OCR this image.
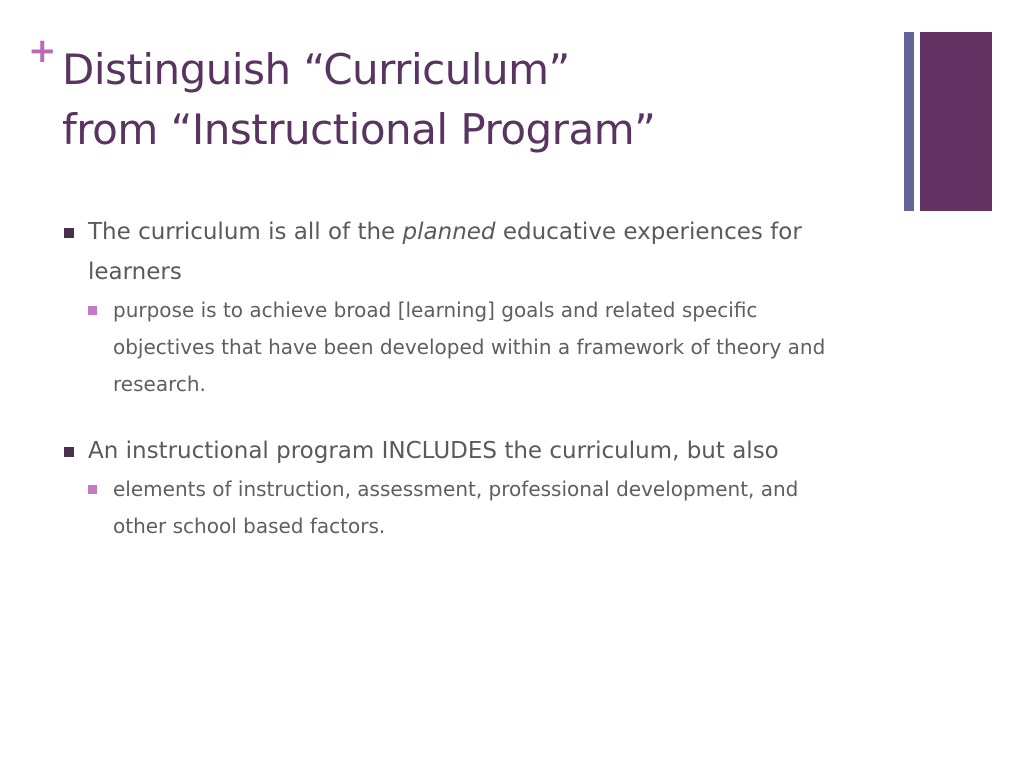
+ Distinguish “Curriculum”
from “Instructional Program”
The curriculum is all of the planned educative experiences for learners
purpose is to achieve broad [learning] goals and related specific objectives that have been developed within a framework of theory and research.
An instructional program INCLUDES the curriculum, but also
elements of instruction, assessment, professional development, and other school based factors.
